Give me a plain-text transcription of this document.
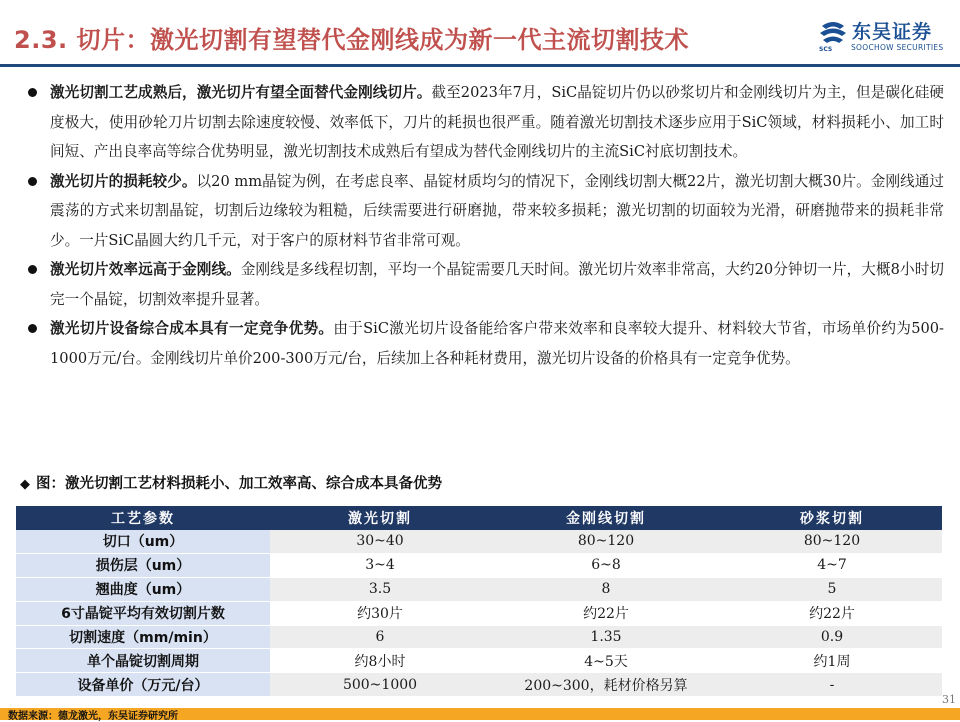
2.3. 切片：激光切割有望替代金刚线成为新一代主流切割技术	SCS
东吴证券
SOOCHOW SECURITIES
激光切割工艺成熟后，激光切片有望全面替代金刚线切片。截至2023年7月，SiC晶锭切片仍以砂浆切片和金刚线切片为主，但是碳化硅硬度极大，使用砂轮刀片切割去除速度较慢、效率低下，刀片的耗损也很严重。随着激光切割技术逐步应用于SiC领域，材料损耗小、加工时间短、产出良率高等综合优势明显，激光切割技术成熟后有望成为替代金刚线切片的主流SiC衬底切割技术。
激光切片的损耗较少。以20 mm晶锭为例，在考虑良率、晶锭材质均匀的情况下，金刚线切割大概22片，激光切割大概30片。金刚线通过震荡的方式来切割晶锭，切割后边缘较为粗糙，后续需要进行研磨抛，带来较多损耗；激光切割的切面较为光滑，研磨抛带来的损耗非常少。一片SiC晶圆大约几千元，对于客户的原材料节省非常可观。
激光切片效率远高于金刚线。金刚线是多线程切割，平均一个晶锭需要几天时间。激光切片效率非常高，大约20分钟切一片，大概8小时切完一个晶锭，切割效率提升显著。
激光切片设备综合成本具有一定竞争优势。由于SiC激光切片设备能给客户带来效率和良率较大提升、材料较大节省，市场单价约为500-1000万元/台。金刚线切片单价200-300万元/台，后续加上各种耗材费用，激光切片设备的价格具有一定竞争优势。
◆ 图：激光切割工艺材料损耗小、加工效率高、综合成本具备优势
工艺参数	激光切割	金刚线切割	砂浆切割
切口（um）	30~40	80~120	80~120
损伤层（um）	3~4	6~8	4~7
翘曲度（um）	3.5	8	5
6寸晶锭平均有效切割片数	约30片	约22片	约22片
切割速度（mm/min）	6	1.35	0.9
单个晶锭切割周期	约8小时	4~5天	约1周
设备单价（万元/台）	500~1000	200~300，耗材价格另算	-
31
数据来源：德龙激光，东吴证券研究所
